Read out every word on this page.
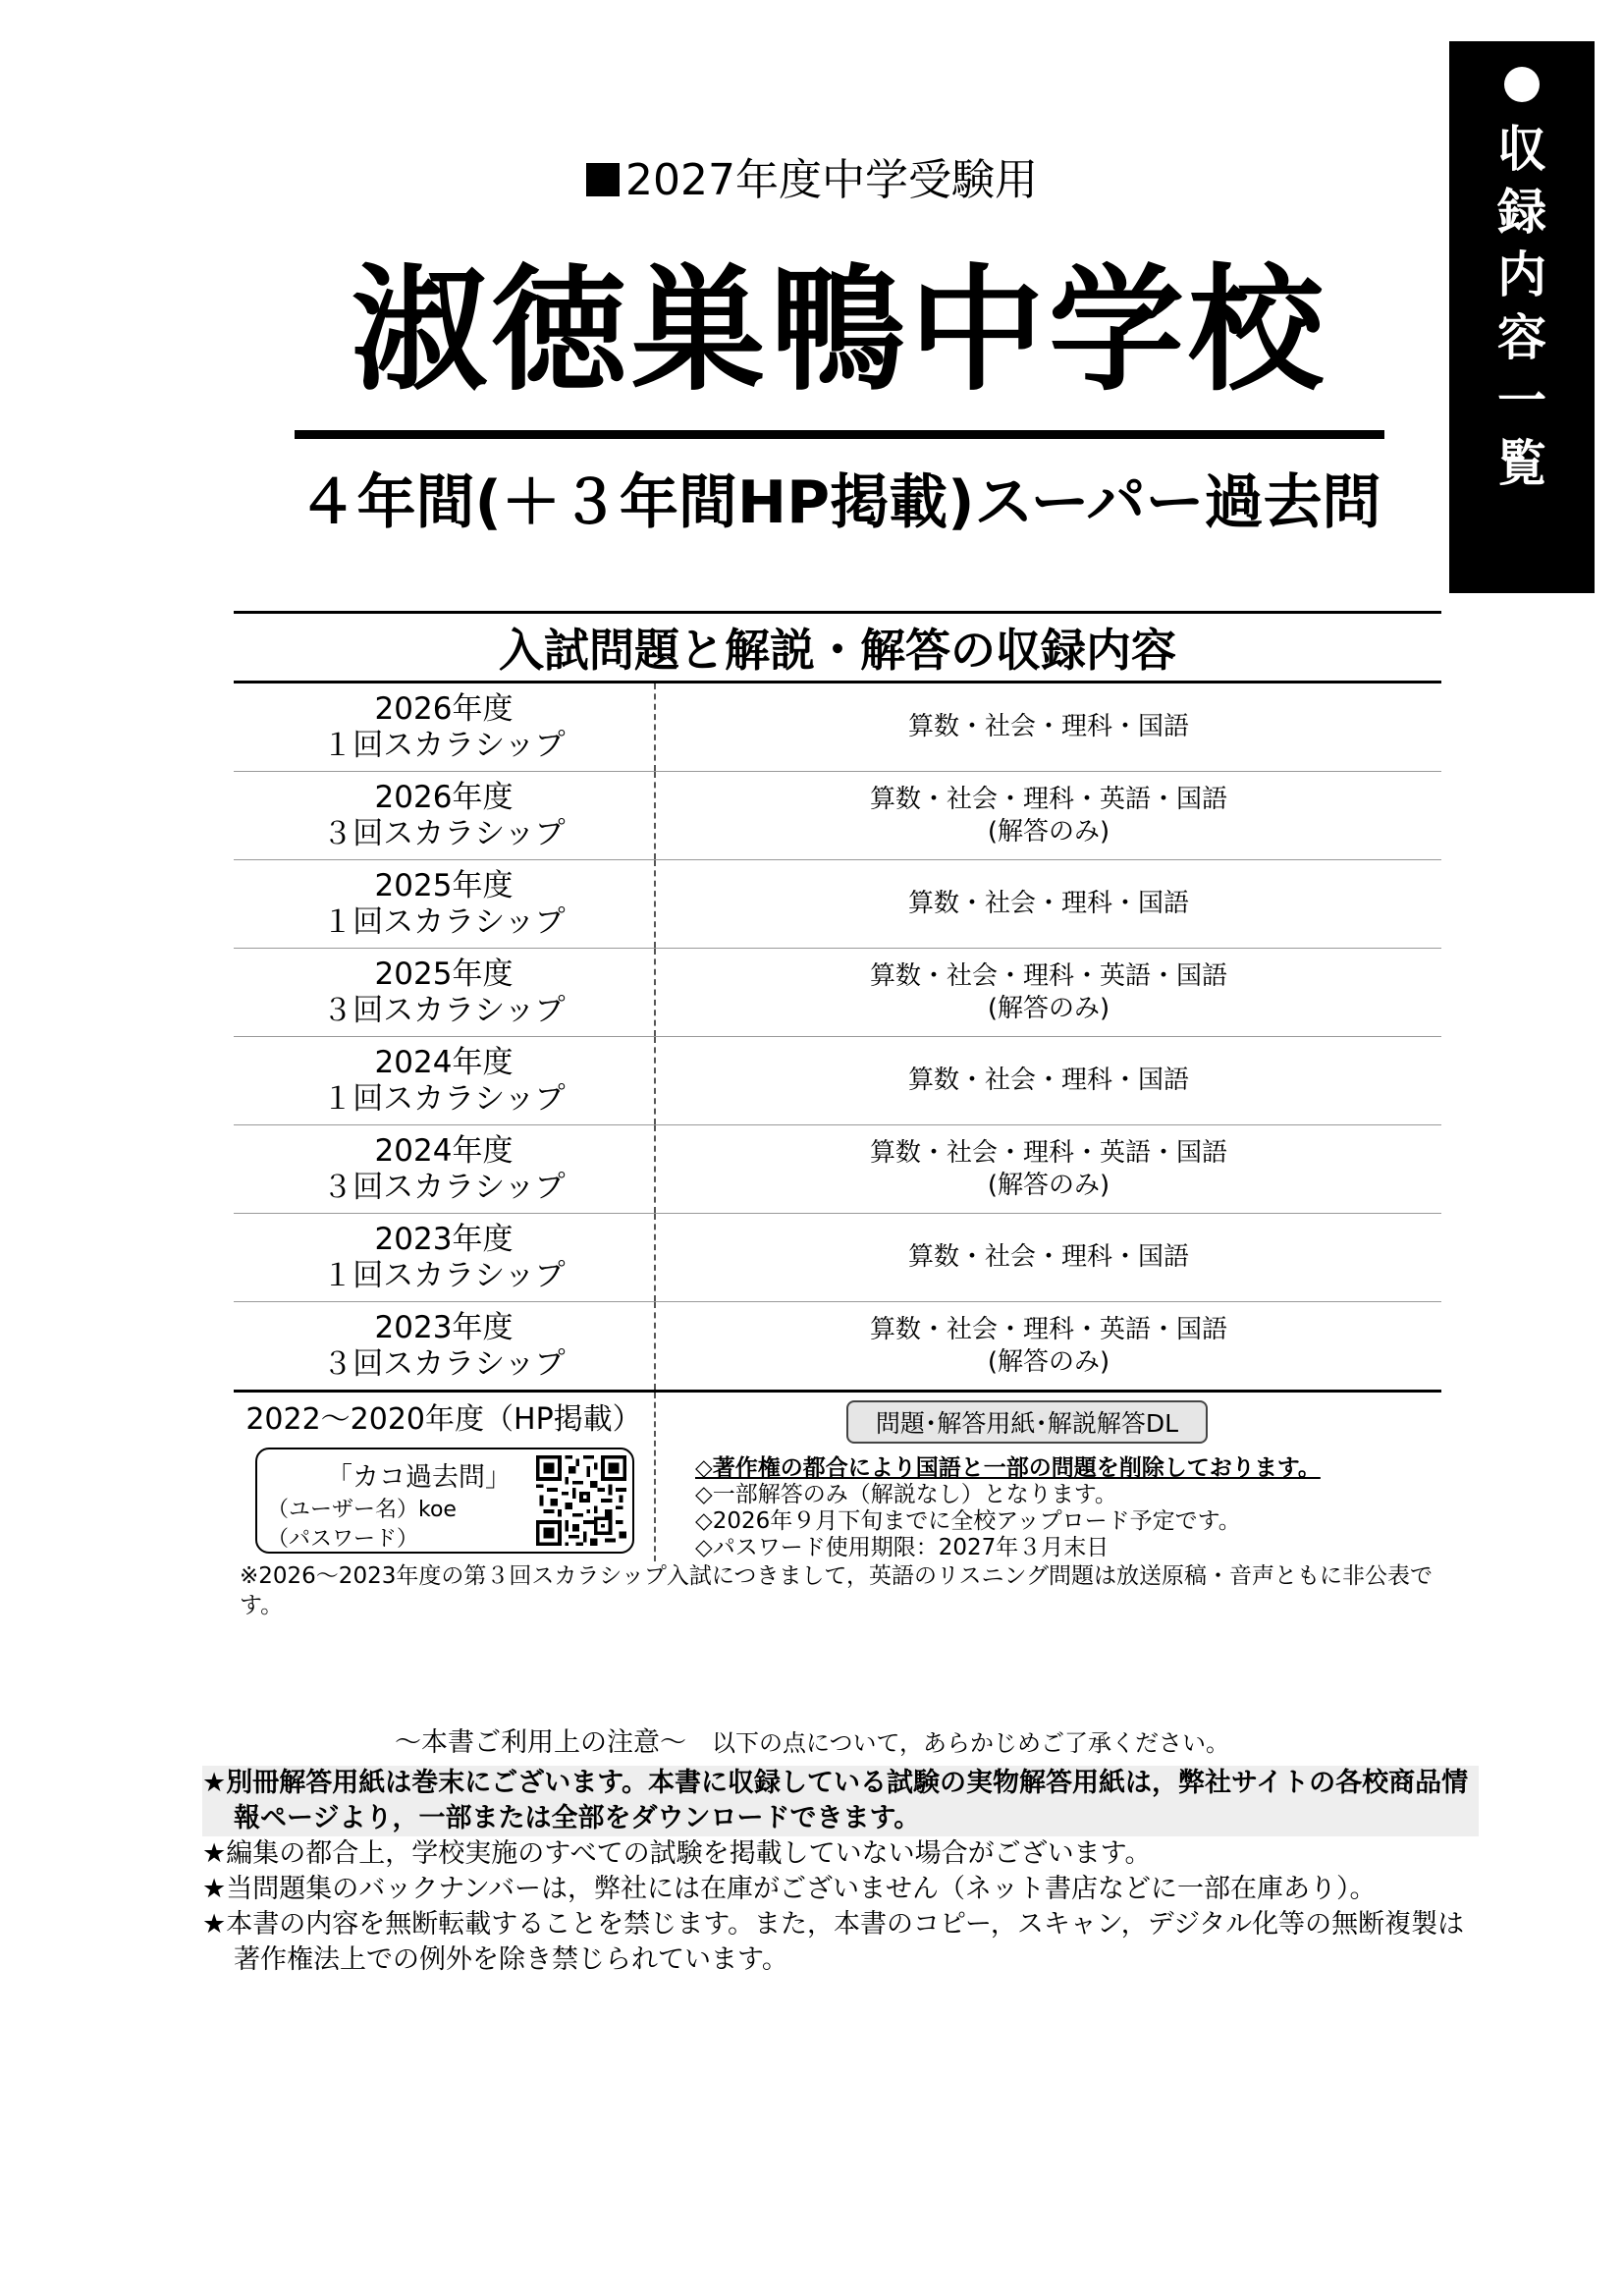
収
録
内
容
一
覧
2027年度中学受験用
淑徳巣鴨中学校
４年間(＋３年間HP掲載)スーパー過去問
入試問題と解説・解答の収録内容
2026年度
１回スカラシップ
算数・社会・理科・国語
2026年度
３回スカラシップ
算数・社会・理科・英語・国語
(解答のみ)
2025年度
１回スカラシップ
算数・社会・理科・国語
2025年度
３回スカラシップ
算数・社会・理科・英語・国語
(解答のみ)
2024年度
１回スカラシップ
算数・社会・理科・国語
2024年度
３回スカラシップ
算数・社会・理科・英語・国語
(解答のみ)
2023年度
１回スカラシップ
算数・社会・理科・国語
2023年度
３回スカラシップ
算数・社会・理科・英語・国語
(解答のみ)
2022～2020年度（HP掲載）
「カコ過去問」
（ユーザー名）koe
（パスワード）
問題･解答用紙･解説解答DL
◇著作権の都合により国語と一部の問題を削除しております。
◇一部解答のみ（解説なし）となります。
◇2026年９月下旬までに全校アップロード予定です。
◇パスワード使用期限：2027年３月末日
※2026～2023年度の第３回スカラシップ入試につきまして，英語のリスニング問題は放送原稿・音声ともに非公表です。
～本書ご利用上の注意～ 以下の点について，あらかじめご了承ください。
★別冊解答用紙は巻末にございます。本書に収録している試験の実物解答用紙は，弊社サイトの各校商品情報ページより，一部または全部をダウンロードできます。
★編集の都合上，学校実施のすべての試験を掲載していない場合がございます。
★当問題集のバックナンバーは，弊社には在庫がございません（ネット書店などに一部在庫あり）。
★本書の内容を無断転載することを禁じます。また，本書のコピー，スキャン，デジタル化等の無断複製は著作権法上での例外を除き禁じられています。
